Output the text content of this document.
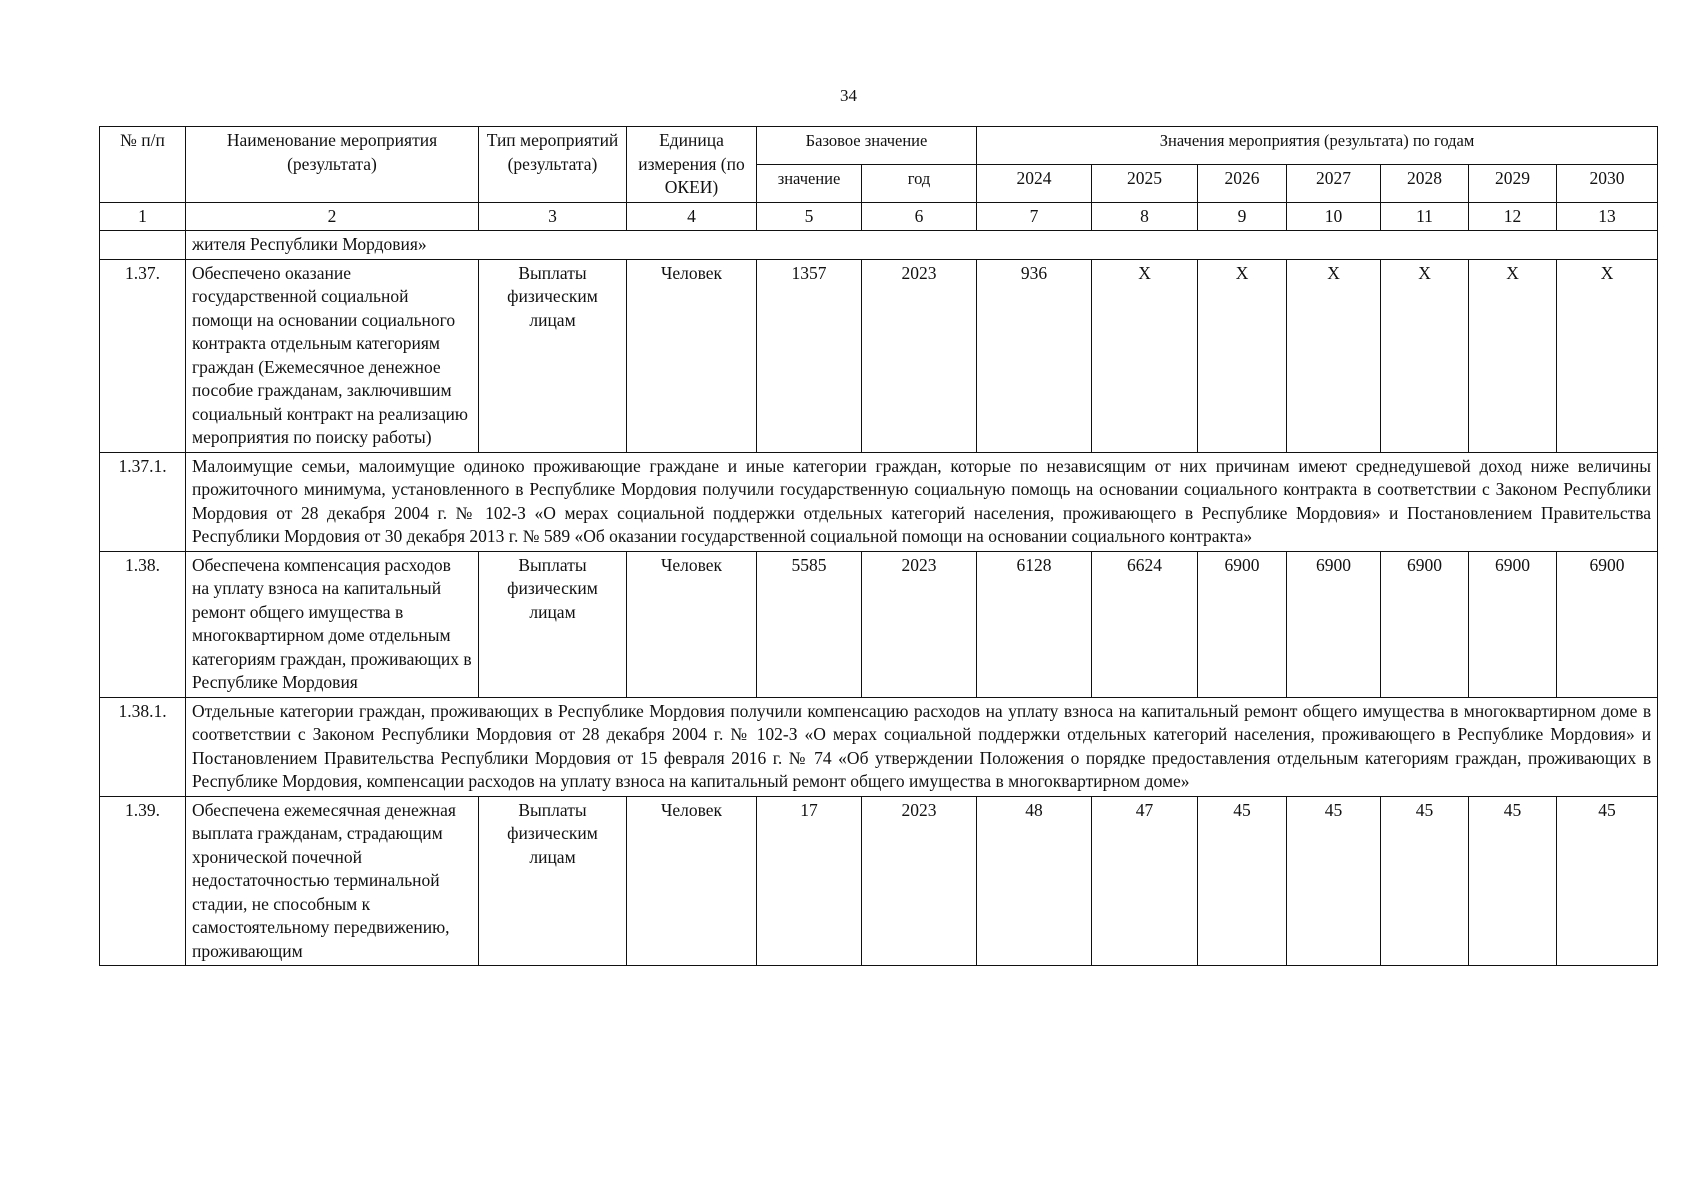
34
№ п/п	Наименование мероприятия (результата)	Тип мероприятий (результата)	Единица измерения (по ОКЕИ)	Базовое значение		Значения мероприятия (результата) по годам						
				значение	год	2024	2025	2026	2027	2028	2029	2030
1	2	3	4	5	6	7	8	9	10	11	12	13
	жителя Республики Мордовия»											
1.37.	Обеспечено оказание государственной социальной помощи на основании социального контракта отдельным категориям граждан (Ежемесячное денежное пособие гражданам, заключившим социальный контракт на реализацию мероприятия по поиску работы)	Выплаты физическим лицам	Человек	1357	2023	936	X	X	X	X	X	X
1.37.1.	Малоимущие семьи, малоимущие одиноко проживающие граждане и иные категории граждан, которые по независящим от них причинам имеют среднедушевой доход ниже величины прожиточного минимума, установленного в Республике Мордовия получили государственную социальную помощь на основании социального контракта в соответствии с Законом Республики Мордовия от 28 декабря 2004 г. № 102-З «О мерах социальной поддержки отдельных категорий населения, проживающего в Республике Мордовия» и Постановлением Правительства Республики Мордовия от 30 декабря 2013 г. № 589 «Об оказании государственной социальной помощи на основании социального контракта»											
1.38.	Обеспечена компенсация расходов на уплату взноса на капитальный ремонт общего имущества в многоквартирном доме отдельным категориям граждан, проживающих в Республике Мордовия	Выплаты физическим лицам	Человек	5585	2023	6128	6624	6900	6900	6900	6900	6900
1.38.1.	Отдельные категории граждан, проживающих в Республике Мордовия получили компенсацию расходов на уплату взноса на капитальный ремонт общего имущества в многоквартирном доме в соответствии с Законом Республики Мордовия от 28 декабря 2004 г. № 102-З «О мерах социальной поддержки отдельных категорий населения, проживающего в Республике Мордовия» и Постановлением Правительства Республики Мордовия от 15 февраля 2016 г. № 74 «Об утверждении Положения о порядке предоставления отдельным категориям граждан, проживающих в Республике Мордовия, компенсации расходов на уплату взноса на капитальный ремонт общего имущества в многоквартирном доме»											
1.39.	Обеспечена ежемесячная денежная выплата гражданам, страдающим хронической почечной недостаточностью терминальной стадии, не способным к самостоятельному передвижению, проживающим	Выплаты физическим лицам	Человек	17	2023	48	47	45	45	45	45	45
